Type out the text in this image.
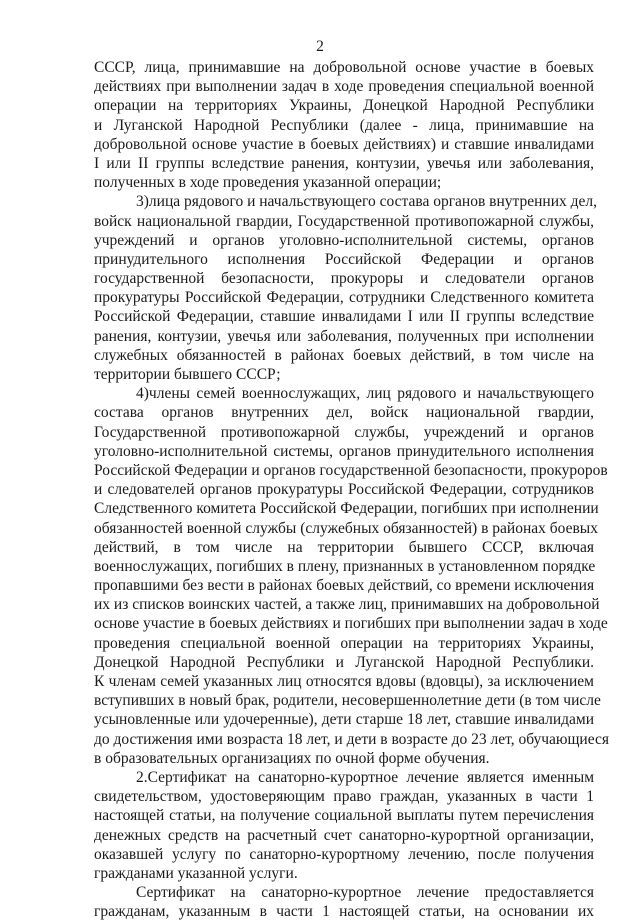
2

СССР, лица, принимавшие на добровольной основе участие в боевых
действиях при выполнении задач в ходе проведения специальной военной
операции на территориях Украины, Донецкой Народной Республики
и Луганской Народной Республики (далее - лица, принимавшие на
добровольной основе участие в боевых действиях) и ставшие инвалидами
I или II группы вследствие ранения, контузии, увечья или заболевания,
полученных в ходе проведения указанной операции;

3)лица рядового и начальствующего состава органов внутренних дел,
войск национальной гвардии, Государственной противопожарной службы,
учреждений и органов уголовно-исполнительной системы, органов
принудительного исполнения Российской Федерации и органов
государственной безопасности, прокуроры и следователи органов
прокуратуры Российской Федерации, сотрудники Следственного комитета
Российской Федерации, ставшие инвалидами I или II группы вследствие
ранения, контузии, увечья или заболевания, полученных при исполнении
служебных обязанностей в районах боевых действий, в том числе на
территории бывшего СССР;

4)члены семей военнослужащих, лиц рядового и начальствующего
состава органов внутренних дел, войск национальной гвардии,
Государственной противопожарной службы, учреждений и органов
уголовно-исполнительной системы, органов принудительного исполнения
Российской Федерации и органов государственной безопасности, прокуроров
и следователей органов прокуратуры Российской Федерации, сотрудников
Следственного комитета Российской Федерации, погибших при исполнении
обязанностей военной службы (служебных обязанностей) в районах боевых
действий, в том числе на территории бывшего СССР, включая
военнослужащих, погибших в плену, признанных в установленном порядке
пропавшими без вести в районах боевых действий, со времени исключения
их из списков воинских частей, а также лиц, принимавших на добровольной
основе участие в боевых действиях и погибших при выполнении задач в ходе
проведения специальной военной операции на территориях Украины,
Донецкой Народной Республики и Луганской Народной Республики.
К членам семей указанных лиц относятся вдовы (вдовцы), за исключением
вступивших в новый брак, родители, несовершеннолетние дети (в том числе
усыновленные или удочеренные), дети старше 18 лет, ставшие инвалидами
до достижения ими возраста 18 лет, и дети в возрасте до 23 лет, обучающиеся
в образовательных организациях по очной форме обучения.

2.Сертификат на санаторно-курортное лечение является именным
свидетельством, удостоверяющим право граждан, указанных в части 1
настоящей статьи, на получение социальной выплаты путем перечисления
денежных средств на расчетный счет санаторно-курортной организации,
оказавшей услугу по санаторно-курортному лечению, после получения
гражданами указанной услуги.

Сертификат на санаторно-курортное лечение предоставляется
гражданам, указанным в части 1 настоящей статьи, на основании их
